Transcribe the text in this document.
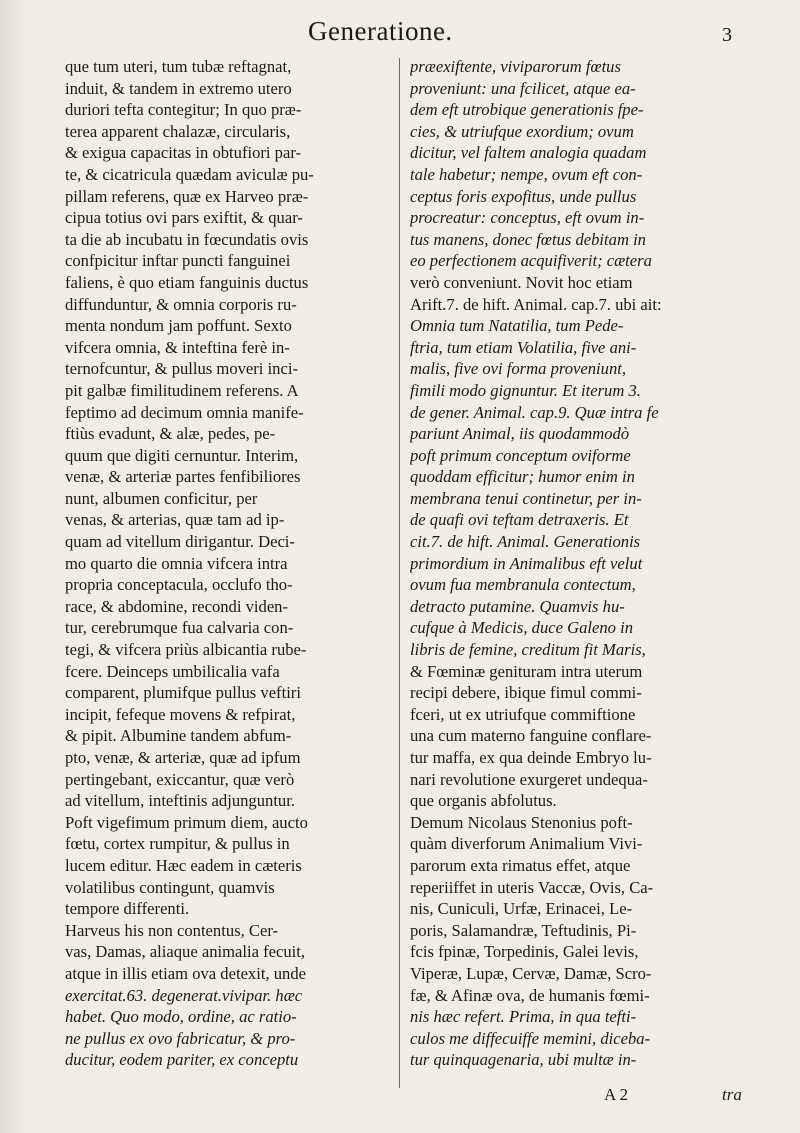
Generatione.	3

que tum uteri, tum tubæ reftagnat,

induit, & tandem in extremo utero

duriori tefta contegitur; In quo præ-

terea apparent chalazæ, circularis,

& exigua capacitas in obtufiori par-

te, & cicatricula quædam aviculæ pu-

pillam referens, quæ ex Harveo præ-

cipua totius ovi pars exiftit, & quar-

ta die ab incubatu in fœcundatis ovis

confpicitur inftar puncti fanguinei

faliens, è quo etiam fanguinis ductus

diffunduntur, & omnia corporis ru-

menta nondum jam poffunt. Sexto

vifcera omnia, & inteftina ferè in-

ternofcuntur, & pullus moveri inci-

pit galbæ fimilitudinem referens. A

feptimo ad decimum omnia manife-

ftiùs evadunt, & alæ, pedes, pe-

quum que digiti cernuntur. Interim,

venæ, & arteriæ partes fenfibiliores

nunt, albumen conficitur, per

venas, & arterias, quæ tam ad ip-

quam ad vitellum dirigantur. Deci-

mo quarto die omnia vifcera intra

propria conceptacula, occlufo tho-

race, & abdomine, recondi viden-

tur, cerebrumque fua calvaria con-

tegi, & vifcera priùs albicantia rube-

fcere. Deinceps umbilicalia vafa

comparent, plumifque pullus veftiri

incipit, fefeque movens & refpirat,

& pipit. Albumine tandem abfum-

pto, venæ, & arteriæ, quæ ad ipfum

pertingebant, exiccantur, quæ verò

ad vitellum, inteftinis adjunguntur.

Poft vigefimum primum diem, aucto

fœtu, cortex rumpitur, & pullus in

lucem editur. Hæc eadem in cæteris

volatilibus contingunt, quamvis

tempore differenti.

Harveus his non contentus, Cer-

vas, Damas, aliaque animalia fecuit,

atque in illis etiam ova detexit, unde

exercitat.63. degenerat.vivipar. hæc

habet. Quo modo, ordine, ac ratio-

ne pullus ex ovo fabricatur, & pro-

ducitur, eodem pariter, ex conceptu

præexiftente, viviparorum fœtus

proveniunt: una fcilicet, atque ea-

dem eft utrobique generationis fpe-

cies, & utriufque exordium; ovum

dicitur, vel faltem analogia quadam

tale habetur; nempe, ovum eft con-

ceptus foris expofitus, unde pullus

procreatur: conceptus, eft ovum in-

tus manens, donec fœtus debitam in

eo perfectionem acquifiverit; cætera

verò conveniunt. Novit hoc etiam

Arift.7. de hift. Animal. cap.7. ubi ait:

Omnia tum Natatilia, tum Pede-

ftria, tum etiam Volatilia, five ani-

malis, five ovi forma proveniunt,

fimili modo gignuntur. Et iterum 3.

de gener. Animal. cap.9. Quæ intra fe

pariunt Animal, iis quodammodò

poft primum conceptum oviforme

quoddam efficitur; humor enim in

membrana tenui continetur, per in-

de quafi ovi teftam detraxeris. Et

cit.7. de hift. Animal. Generationis

primordium in Animalibus eft velut

ovum fua membranula contectum,

detracto putamine. Quamvis hu-

cufque à Medicis, duce Galeno in

libris de femine, creditum fit Maris,

& Fœminæ genituram intra uterum

recipi debere, ibique fimul commi-

fceri, ut ex utriufque commiftione

una cum materno fanguine conflare-

tur maffa, ex qua deinde Embryo lu-

nari revolutione exurgeret undequa-

que organis abfolutus.

Demum Nicolaus Stenonius poft-

quàm diverforum Animalium Vivi-

parorum exta rimatus effet, atque

reperiiffet in uteris Vaccæ, Ovis, Ca-

nis, Cuniculi, Urfæ, Erinacei, Le-

poris, Salamandræ, Teftudinis, Pi-

fcis fpinæ, Torpedinis, Galei levis,

Viperæ, Lupæ, Cervæ, Damæ, Scro-

fæ, & Afinæ ova, de humanis fœmi-

nis hæc refert. Prima, in qua tefti-

culos me diffecuiffe memini, diceba-

tur quinquagenaria, ubi multæ in-

A 2	tra
